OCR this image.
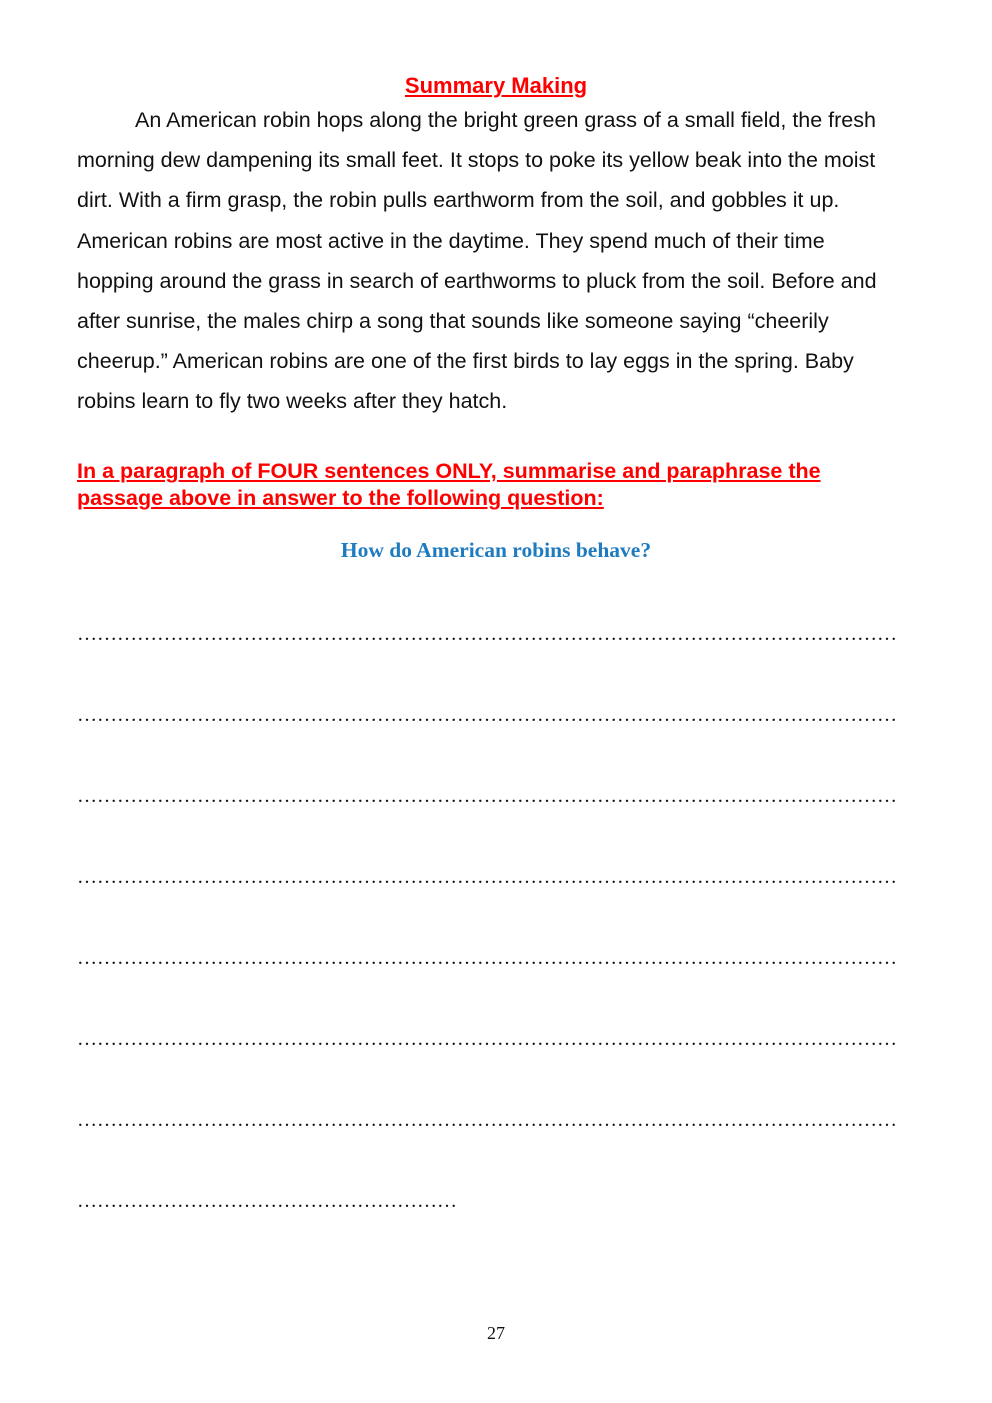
Summary Making

An American robin hops along the bright green grass of a small field, the fresh morning dew dampening its small feet. It stops to poke its yellow beak into the moist dirt. With a firm grasp, the robin pulls earthworm from the soil, and gobbles it up. American robins are most active in the daytime. They spend much of their time hopping around the grass in search of earthworms to pluck from the soil. Before and after sunrise, the males chirp a song that sounds like someone saying “cheerily cheerup.” American robins are one of the first birds to lay eggs in the spring. Baby robins learn to fly two weeks after they hatch.

In a paragraph of FOUR sentences ONLY, summarise and paraphrase the passage above in answer to the following question:

How do American robins behave?

……………………………………………………………………………………………………………

……………………………………………………………………………………………………………

……………………………………………………………………………………………………………

……………………………………………………………………………………………………………

……………………………………………………………………………………………………………

……………………………………………………………………………………………………………

……………………………………………………………………………………………………………

…………………………………………………

27
